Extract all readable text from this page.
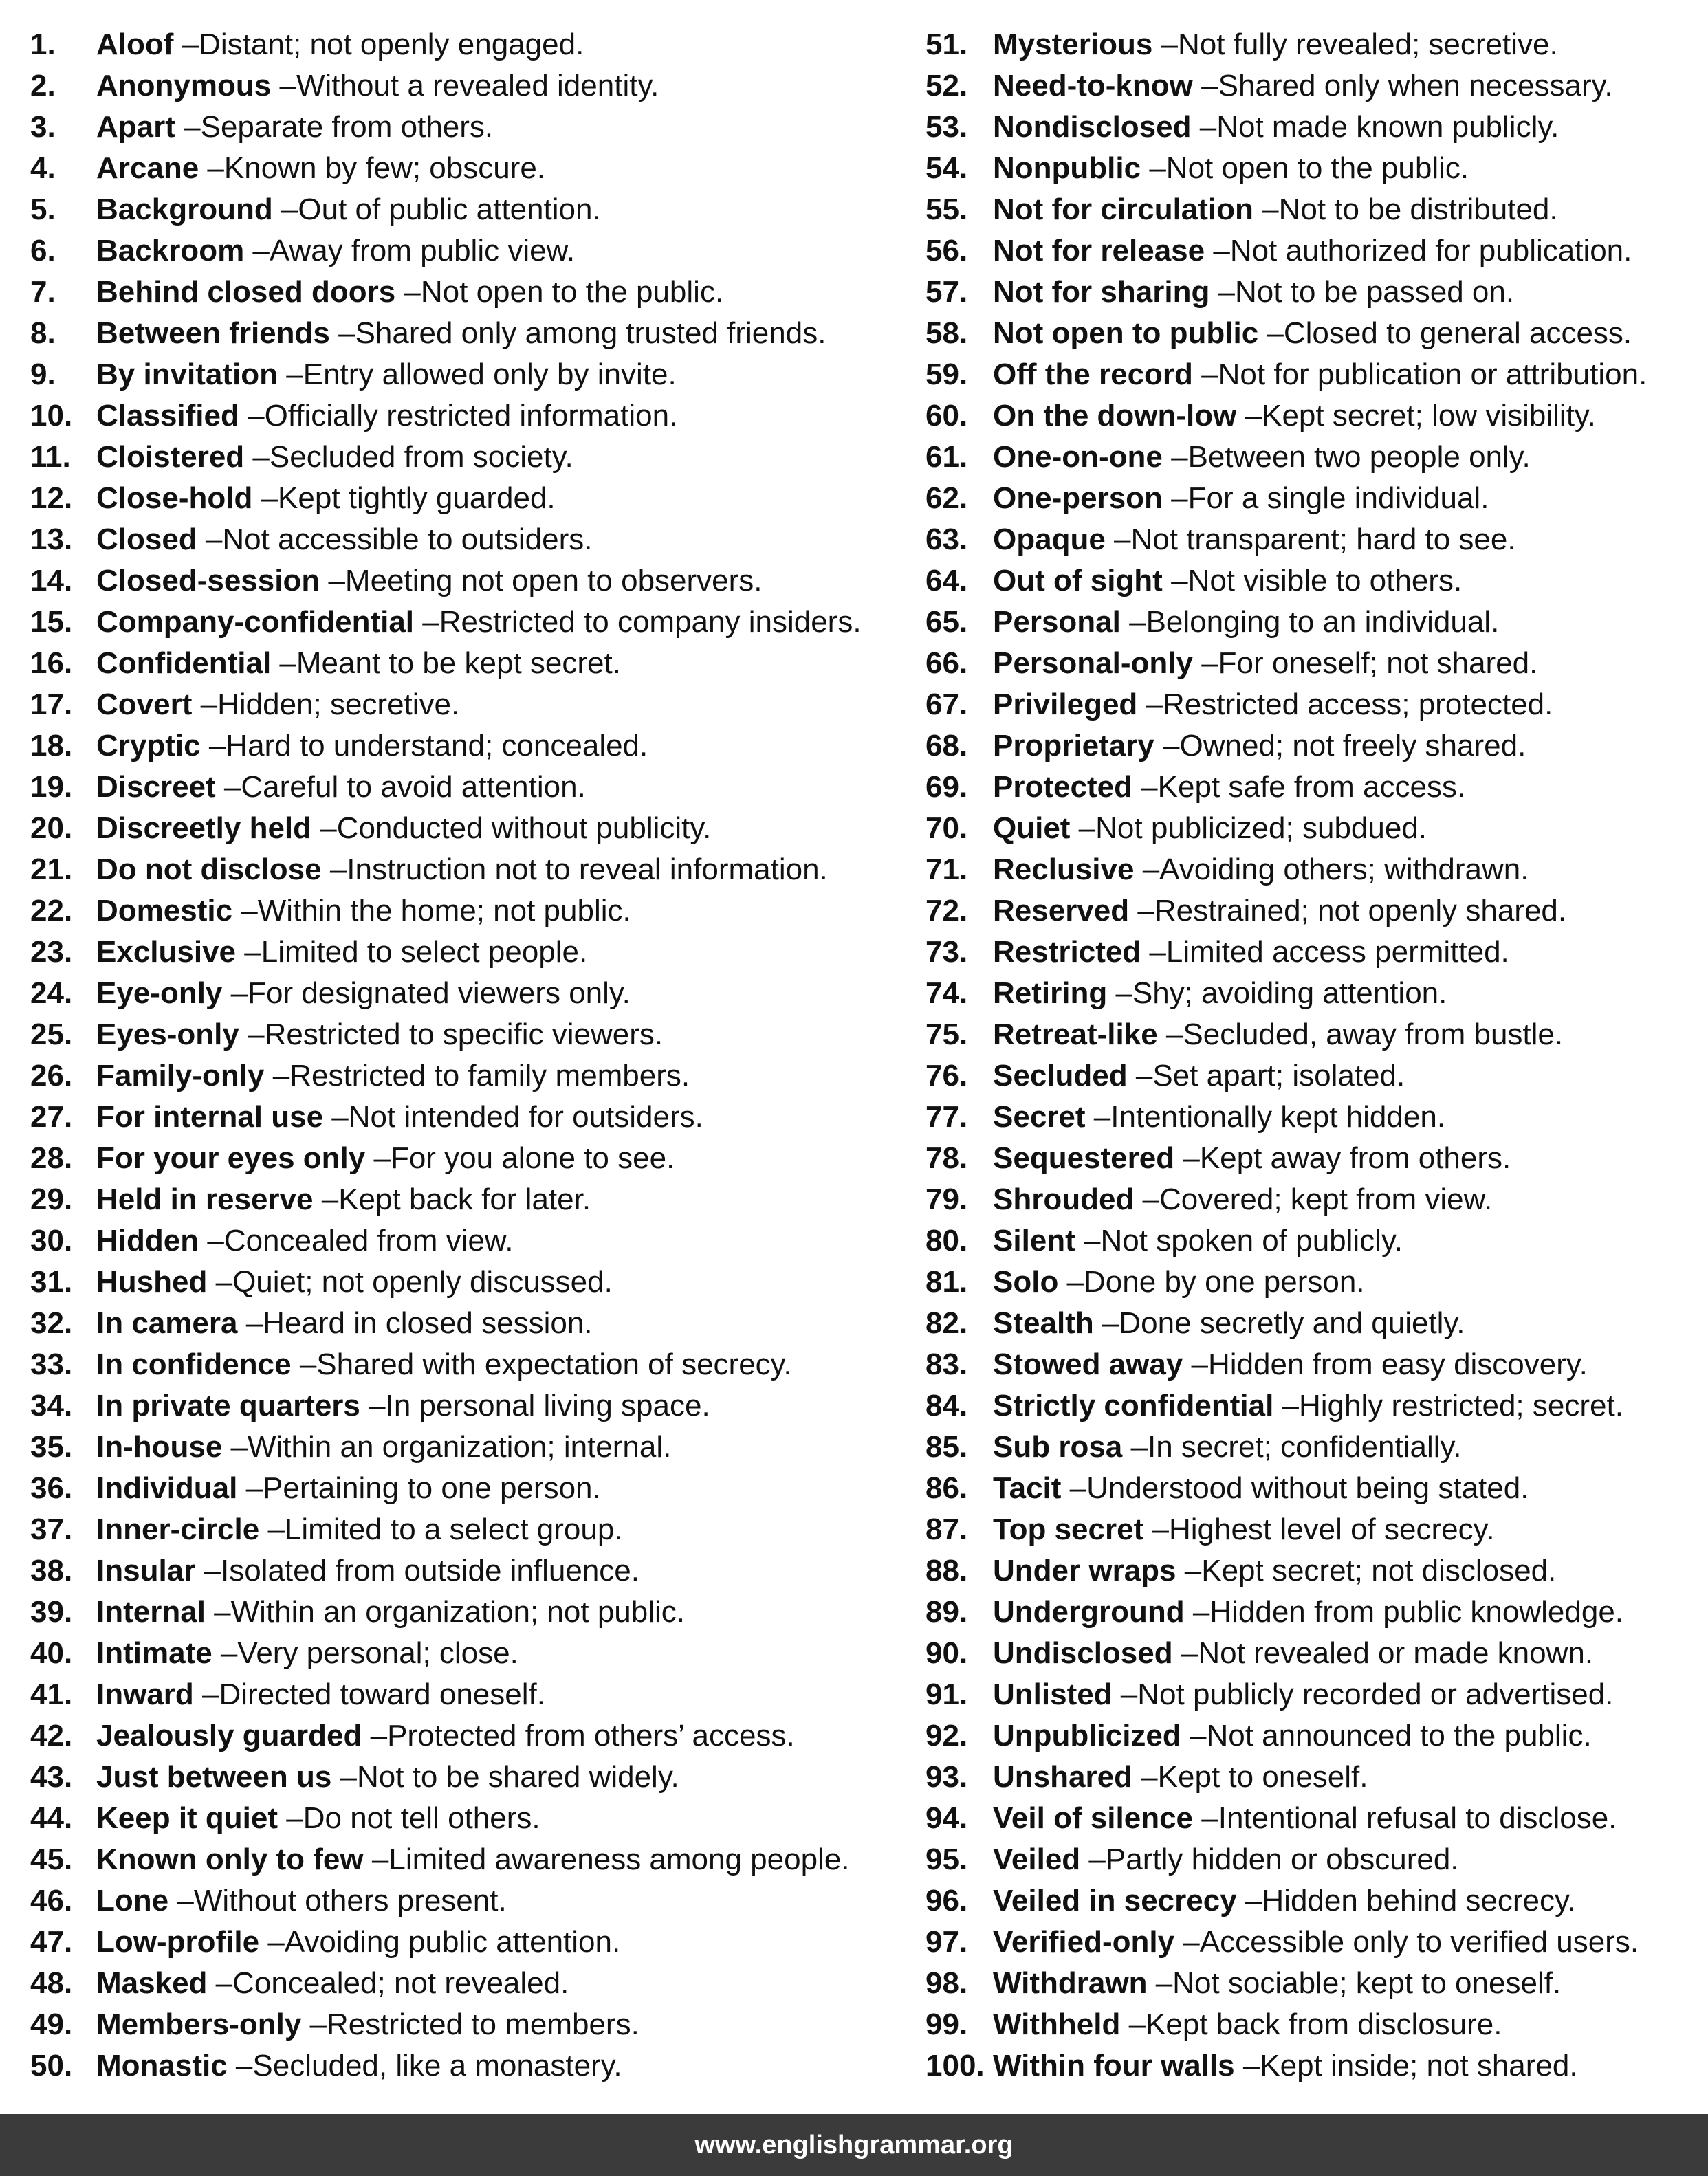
1.	Aloof – Distant; not openly engaged.
2.	Anonymous – Without a revealed identity.
3.	Apart – Separate from others.
4.	Arcane – Known by few; obscure.
5.	Background – Out of public attention.
6.	Backroom – Away from public view.
7.	Behind closed doors – Not open to the public.
8.	Between friends – Shared only among trusted friends.
9.	By invitation – Entry allowed only by invite.
10. Classified – Officially restricted information.
11. Cloistered – Secluded from society.
12. Close-hold – Kept tightly guarded.
13. Closed – Not accessible to outsiders.
14. Closed-session – Meeting not open to observers.
15. Company-confidential – Restricted to company insiders.
16. Confidential – Meant to be kept secret.
17. Covert – Hidden; secretive.
18. Cryptic – Hard to understand; concealed.
19. Discreet – Careful to avoid attention.
20. Discreetly held – Conducted without publicity.
21. Do not disclose – Instruction not to reveal information.
22. Domestic – Within the home; not public.
23. Exclusive – Limited to select people.
24. Eye-only – For designated viewers only.
25. Eyes-only – Restricted to specific viewers.
26. Family-only – Restricted to family members.
27. For internal use – Not intended for outsiders.
28. For your eyes only – For you alone to see.
29. Held in reserve – Kept back for later.
30. Hidden – Concealed from view.
31. Hushed – Quiet; not openly discussed.
32. In camera – Heard in closed session.
33. In confidence – Shared with expectation of secrecy.
34. In private quarters – In personal living space.
35. In-house – Within an organization; internal.
36. Individual – Pertaining to one person.
37. Inner-circle – Limited to a select group.
38. Insular – Isolated from outside influence.
39. Internal – Within an organization; not public.
40. Intimate – Very personal; close.
41. Inward – Directed toward oneself.
42. Jealously guarded – Protected from others’ access.
43. Just between us – Not to be shared widely.
44. Keep it quiet – Do not tell others.
45. Known only to few – Limited awareness among people.
46. Lone – Without others present.
47. Low-profile – Avoiding public attention.
48. Masked – Concealed; not revealed.
49. Members-only – Restricted to members.
50. Monastic – Secluded, like a monastery.
51. Mysterious – Not fully revealed; secretive.
52. Need-to-know – Shared only when necessary.
53. Nondisclosed – Not made known publicly.
54. Nonpublic – Not open to the public.
55. Not for circulation – Not to be distributed.
56. Not for release – Not authorized for publication.
57. Not for sharing – Not to be passed on.
58. Not open to public – Closed to general access.
59. Off the record – Not for publication or attribution.
60. On the down-low – Kept secret; low visibility.
61. One-on-one – Between two people only.
62. One-person – For a single individual.
63. Opaque – Not transparent; hard to see.
64. Out of sight – Not visible to others.
65. Personal – Belonging to an individual.
66. Personal-only – For oneself; not shared.
67. Privileged – Restricted access; protected.
68. Proprietary – Owned; not freely shared.
69. Protected – Kept safe from access.
70. Quiet – Not publicized; subdued.
71. Reclusive – Avoiding others; withdrawn.
72. Reserved – Restrained; not openly shared.
73. Restricted – Limited access permitted.
74. Retiring – Shy; avoiding attention.
75. Retreat-like – Secluded, away from bustle.
76. Secluded – Set apart; isolated.
77. Secret – Intentionally kept hidden.
78. Sequestered – Kept away from others.
79. Shrouded – Covered; kept from view.
80. Silent – Not spoken of publicly.
81. Solo – Done by one person.
82. Stealth – Done secretly and quietly.
83. Stowed away – Hidden from easy discovery.
84. Strictly confidential – Highly restricted; secret.
85. Sub rosa – In secret; confidentially.
86. Tacit – Understood without being stated.
87. Top secret – Highest level of secrecy.
88. Under wraps – Kept secret; not disclosed.
89. Underground – Hidden from public knowledge.
90. Undisclosed – Not revealed or made known.
91. Unlisted – Not publicly recorded or advertised.
92. Unpublicized – Not announced to the public.
93. Unshared – Kept to oneself.
94. Veil of silence – Intentional refusal to disclose.
95. Veiled – Partly hidden or obscured.
96. Veiled in secrecy – Hidden behind secrecy.
97. Verified-only – Accessible only to verified users.
98. Withdrawn – Not sociable; kept to oneself.
99. Withheld – Kept back from disclosure.
100. Within four walls – Kept inside; not shared.
www.englishgrammar.org
